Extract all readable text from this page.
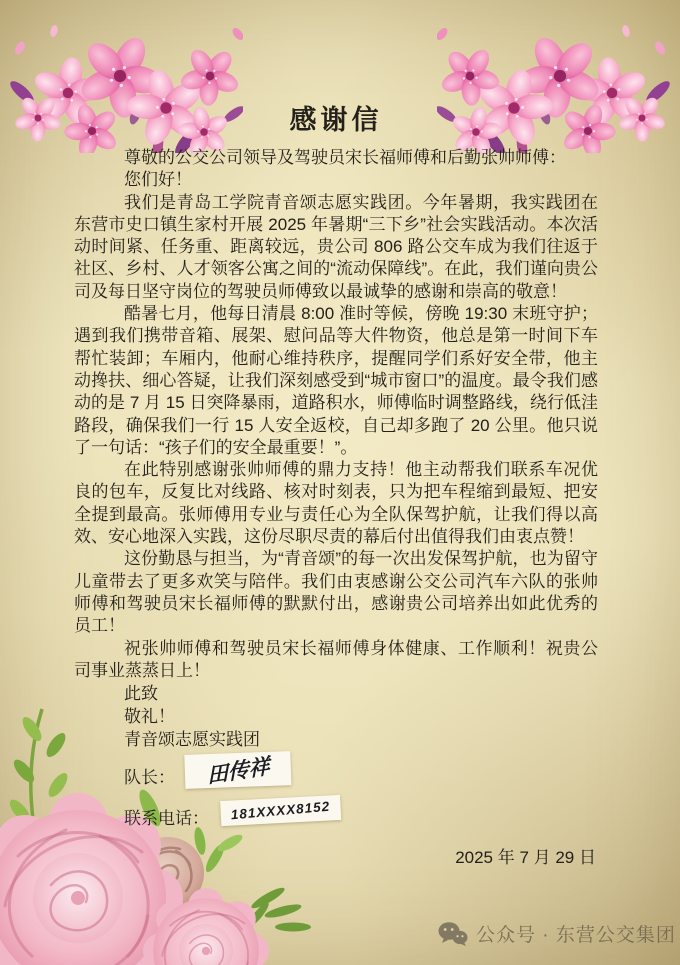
感谢信

尊敬的公交公司领导及驾驶员宋长福师傅和后勤张帅师傅：

您们好！

我们是青岛工学院青音颂志愿实践团。今年暑期，我实践团在东营市史口镇生家村开展 2025 年暑期“三下乡”社会实践活动。本次活动时间紧、任务重、距离较远，贵公司 806 路公交车成为我们往返于社区、乡村、人才领客公寓之间的“流动保障线”。在此，我们谨向贵公司及每日坚守岗位的驾驶员师傅致以最诚挚的感谢和崇高的敬意！

酷暑七月，他每日清晨 8:00 准时等候，傍晚 19:30 末班守护；遇到我们携带音箱、展架、慰问品等大件物资，他总是第一时间下车帮忙装卸；车厢内，他耐心维持秩序，提醒同学们系好安全带，他主动搀扶、细心答疑，让我们深刻感受到“城市窗口”的温度。最令我们感动的是 7 月 15 日突降暴雨，道路积水，师傅临时调整路线，绕行低洼路段，确保我们一行 15 人安全返校，自己却多跑了 20 公里。他只说了一句话：“孩子们的安全最重要！”。

在此特别感谢张帅师傅的鼎力支持！他主动帮我们联系车况优良的包车，反复比对线路、核对时刻表，只为把车程缩到最短、把安全提到最高。张师傅用专业与责任心为全队保驾护航，让我们得以高效、安心地深入实践，这份尽职尽责的幕后付出值得我们由衷点赞！

这份勤恳与担当，为“青音颂”的每一次出发保驾护航，也为留守儿童带去了更多欢笑与陪伴。我们由衷感谢公交公司汽车六队的张帅师傅和驾驶员宋长福师傅的默默付出，感谢贵公司培养出如此优秀的员工！

祝张帅师傅和驾驶员宋长福师傅身体健康、工作顺利！祝贵公司事业蒸蒸日上！

此致

敬礼！

青音颂志愿实践团

队长： 田传祥
联系电话： 181XXXX8152

2025 年 7 月 29 日

公众号 · 东营公交集团
